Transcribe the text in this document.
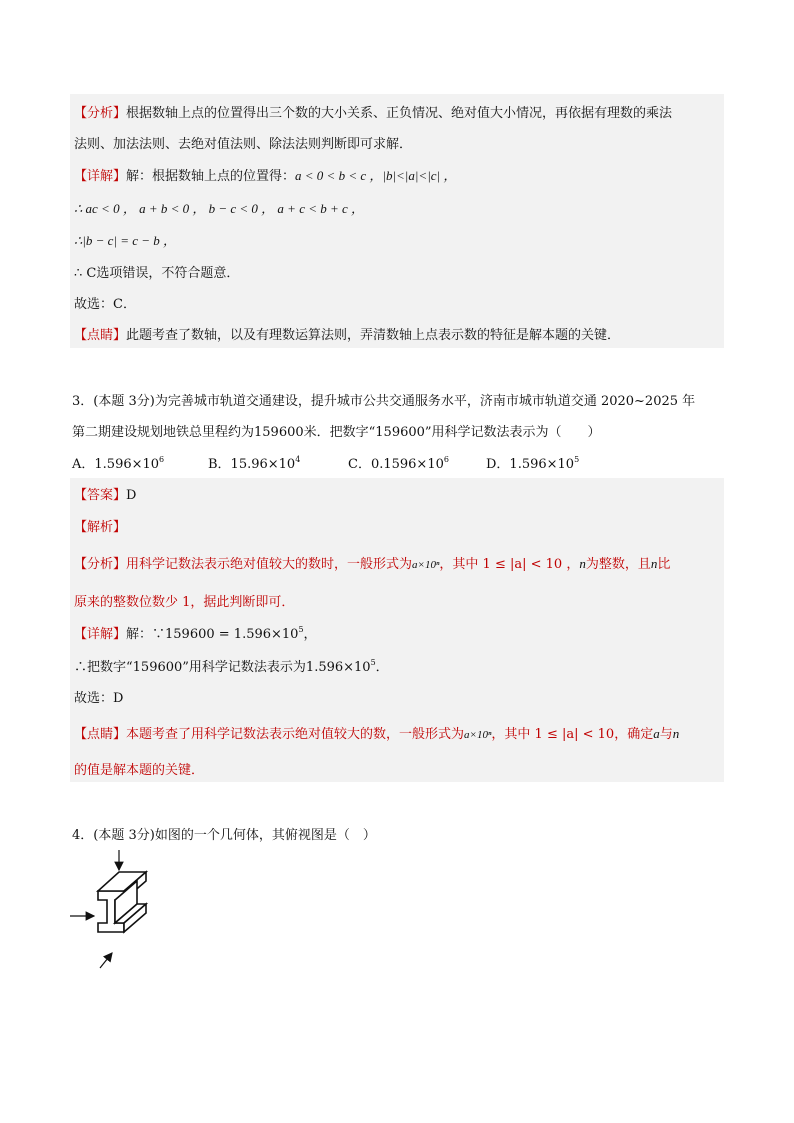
【分析】根据数轴上点的位置得出三个数的大小关系、正负情况、绝对值大小情况，再依据有理数的乘法
法则、加法法则、去绝对值法则、除法法则判断即可求解．
【详解】解：根据数轴上点的位置得：a < 0 < b < c ，|b|<|a|<|c| ，
∴ ac < 0 ， a + b < 0 ， b − c < 0 ， a + c < b + c ，
∴|b − c| = c − b ，
∴ C选项错误，不符合题意．
故选：C．
【点睛】此题考查了数轴，以及有理数运算法则，弄清数轴上点表示数的特征是解本题的关键．
3．(本题 3分)为完善城市轨道交通建设，提升城市公共交通服务水平，济南市城市轨道交通 2020~2025 年
第二期建设规划地铁总里程约为159600米．把数字“159600”用科学记数法表示为（　　）
A．$1.596\times 10^6$	B．$15.96\times 10^4$	C．$0.1596\times 10^6$	D．$1.596\times 10^5$
【答案】D
【解析】
【分析】用科学记数法表示绝对值较大的数时，一般形式为a×10ⁿ，其中 1 ≤ |a| < 10 ，n为整数，且n比
原来的整数位数少 1，据此判断即可．
【详解】解：∵159600 = $1.596\times 10^5$，
∴把数字“159600”用科学记数法表示为$1.596\times 10^5$．
故选：D
【点睛】本题考查了用科学记数法表示绝对值较大的数，一般形式为a×10ⁿ，其中 1 ≤ |a| < 10，确定a与n
的值是解本题的关键．
4．(本题 3分)如图的一个几何体，其俯视图是（　）
